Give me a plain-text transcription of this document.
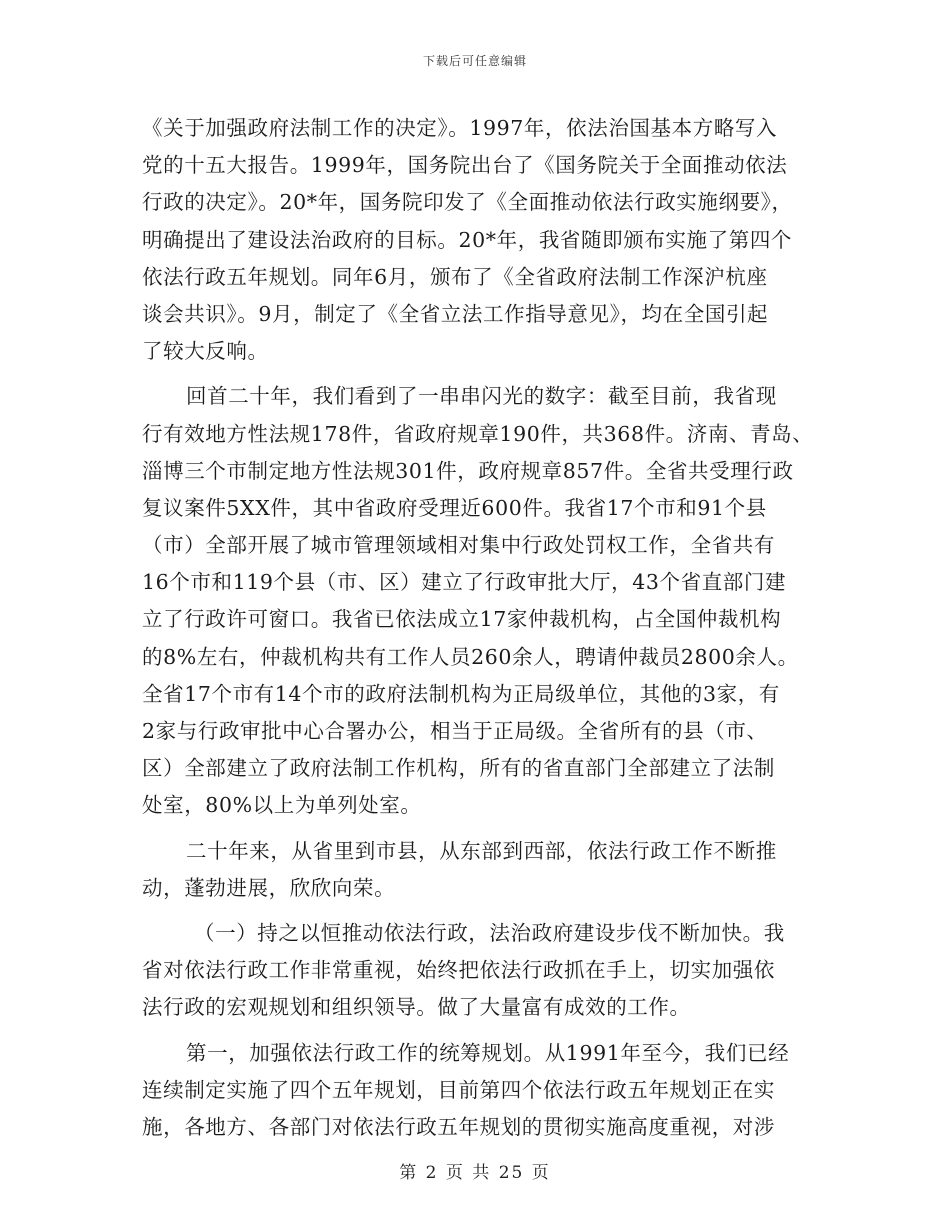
下载后可任意编辑
《关于加强政府法制工作的决定》。1997年，依法治国基本方略写入
党的十五大报告。1999年，国务院出台了《国务院关于全面推动依法
行政的决定》。20*年，国务院印发了《全面推动依法行政实施纲要》，
明确提出了建设法治政府的目标。20*年，我省随即颁布实施了第四个
依法行政五年规划。同年6月，颁布了《全省政府法制工作深沪杭座
谈会共识》。9月，制定了《全省立法工作指导意见》，均在全国引起
了较大反响。
回首二十年，我们看到了一串串闪光的数字：截至目前，我省现
行有效地方性法规178件，省政府规章190件，共368件。济南、青岛、
淄博三个市制定地方性法规301件，政府规章857件。全省共受理行政
复议案件5XX件，其中省政府受理近600件。我省17个市和91个县
（市）全部开展了城市管理领域相对集中行政处罚权工作，全省共有
16个市和119个县（市、区）建立了行政审批大厅，43个省直部门建
立了行政许可窗口。我省已依法成立17家仲裁机构，占全国仲裁机构
的8%左右，仲裁机构共有工作人员260余人，聘请仲裁员2800余人。
全省17个市有14个市的政府法制机构为正局级单位，其他的3家，有
2家与行政审批中心合署办公，相当于正局级。全省所有的县（市、
区）全部建立了政府法制工作机构，所有的省直部门全部建立了法制
处室，80%以上为单列处室。
二十年来，从省里到市县，从东部到西部，依法行政工作不断推
动，蓬勃进展，欣欣向荣。
（一）持之以恒推动依法行政，法治政府建设步伐不断加快。我
省对依法行政工作非常重视，始终把依法行政抓在手上，切实加强依
法行政的宏观规划和组织领导。做了大量富有成效的工作。
第一，加强依法行政工作的统筹规划。从1991年至今，我们已经
连续制定实施了四个五年规划，目前第四个依法行政五年规划正在实
施，各地方、各部门对依法行政五年规划的贯彻实施高度重视，对涉
第 2 页 共 25 页
